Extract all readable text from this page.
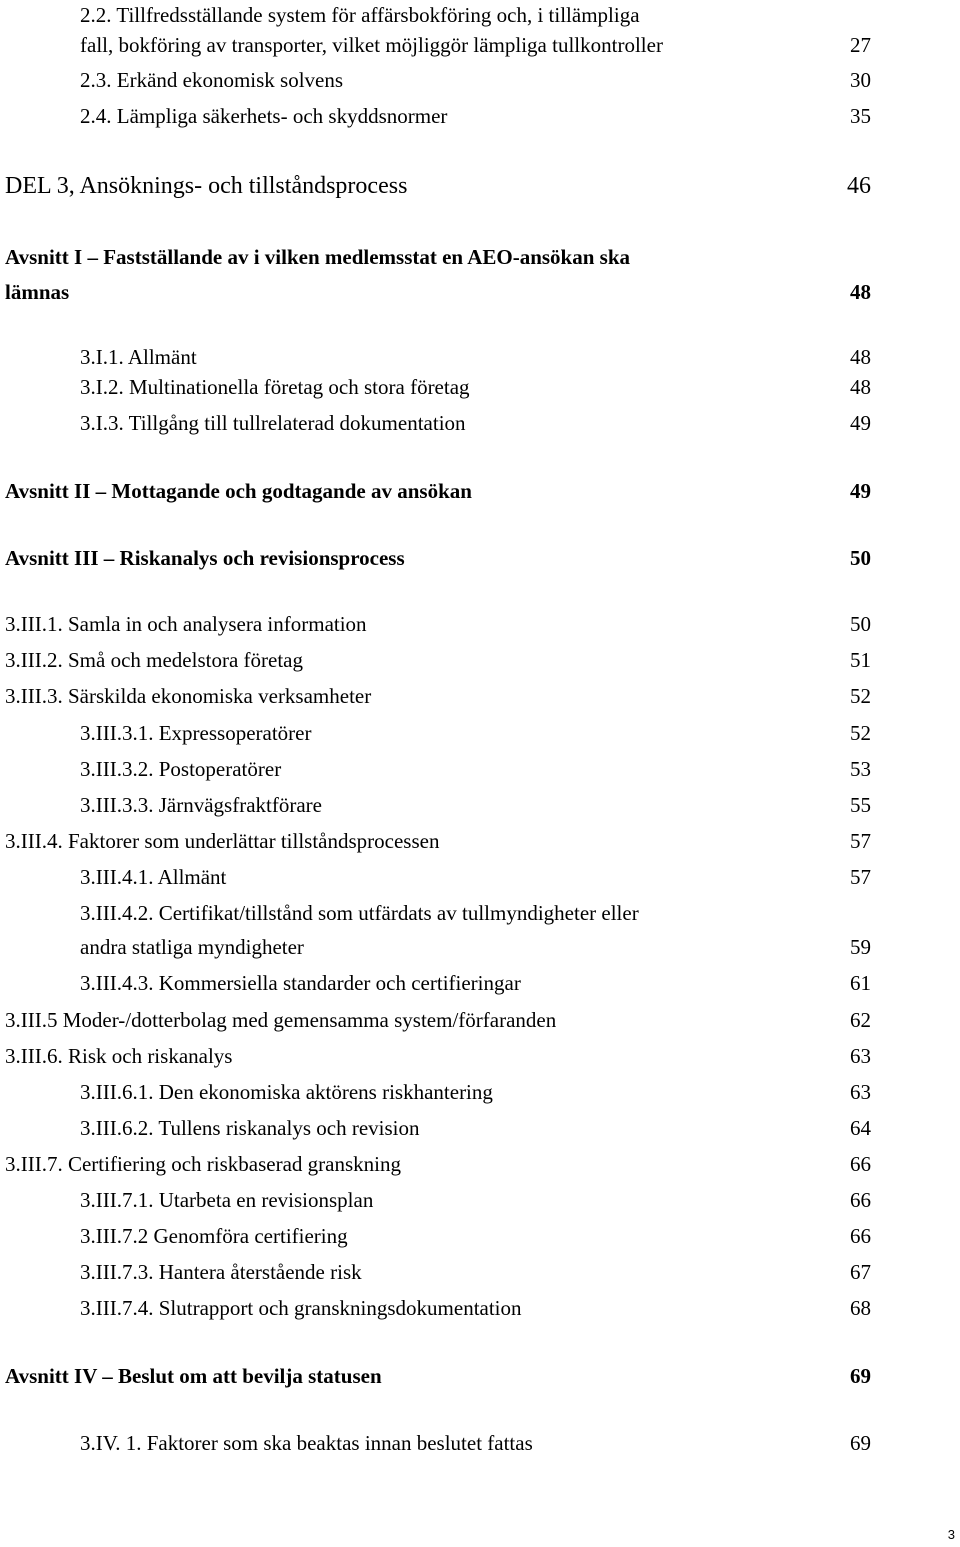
2.2. Tillfredsställande system för affärsbokföring och, i tillämpliga
fall, bokföring av transporter, vilket möjliggör lämpliga tullkontroller	27
2.3. Erkänd ekonomisk solvens	30
2.4. Lämpliga säkerhets- och skyddsnormer	35
DEL 3, Ansöknings- och tillståndsprocess	46
Avsnitt I – Fastställande av i vilken medlemsstat en AEO-ansökan ska
lämnas	48
3.I.1. Allmänt	48
3.I.2. Multinationella företag och stora företag	48
3.I.3. Tillgång till tullrelaterad dokumentation	49
Avsnitt II – Mottagande och godtagande av ansökan	49
Avsnitt III – Riskanalys och revisionsprocess	50
3.III.1. Samla in och analysera information	50
3.III.2. Små och medelstora företag	51
3.III.3. Särskilda ekonomiska verksamheter	52
3.III.3.1. Expressoperatörer	52
3.III.3.2. Postoperatörer	53
3.III.3.3. Järnvägsfraktförare	55
3.III.4. Faktorer som underlättar tillståndsprocessen	57
3.III.4.1. Allmänt	57
3.III.4.2. Certifikat/tillstånd som utfärdats av tullmyndigheter eller
andra statliga myndigheter	59
3.III.4.3. Kommersiella standarder och certifieringar	61
3.III.5 Moder-/dotterbolag med gemensamma system/förfaranden	62
3.III.6. Risk och riskanalys	63
3.III.6.1. Den ekonomiska aktörens riskhantering	63
3.III.6.2. Tullens riskanalys och revision	64
3.III.7. Certifiering och riskbaserad granskning	66
3.III.7.1. Utarbeta en revisionsplan	66
3.III.7.2 Genomföra certifiering	66
3.III.7.3. Hantera återstående risk	67
3.III.7.4. Slutrapport och granskningsdokumentation	68
Avsnitt IV – Beslut om att bevilja statusen	69
3.IV. 1. Faktorer som ska beaktas innan beslutet fattas	69
3
